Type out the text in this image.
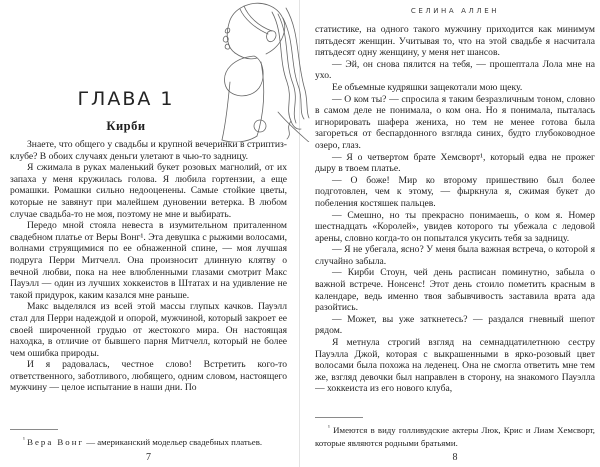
ГЛАВА 1
Кирби

Знаете, что общего у свадьбы и крупной вечеринки в стриптиз-клубе? В обоих случаях деньги улетают в чью-то задницу.

Я сжимала в руках маленький букет розовых магнолий, от их запаха у меня кружилась голова. Я любила гортензии, а еще ромашки. Ромашки сильно недооценены. Самые стойкие цветы, которые не завянут при малейшем дуновении ветерка. В любом случае свадьба-то не моя, поэтому не мне и выбирать.

Передо мной стояла невеста в изумительном приталенном свадебном платье от Веры Вонг¹. Эта девушка с рыжими волосами, волнами струящимися по ее обнаженной спине, — моя лучшая подруга Перри Митчелл. Она произносит длинную клятву о вечной любви, пока на нее влюбленными глазами смотрит Макс Пауэлл — один из лучших хоккеистов в Штатах и на удивление не такой придурок, каким казался мне раньше.

Макс выделялся из всей этой массы глупых качков. Пауэлл стал для Перри надеждой и опорой, мужчиной, который закроет ее своей широченной грудью от жестокого мира. Он настоящая находка, в отличие от бывшего парня Митчелл, который не более чем ошибка природы.

И я радовалась, честное слово! Встретить кого-то ответственного, заботливого, любящего, одним словом, настоящего мужчину — целое испытание в наши дни. По

$^{^1}$ Вера Вонг — американский модельер свадебных платьев.

7
СЕЛИНА АЛЛЕН

статистике, на одного такого мужчину приходится как минимум пятьдесят женщин. Учитывая то, что на этой свадьбе я насчитала пятьдесят одну женщину, у меня нет шансов.

— Эй, он снова пялится на тебя, — прошептала Лола мне на ухо.

Ее объемные кудряшки защекотали мою щеку.

— О ком ты? — спросила я таким безразличным тоном, словно в самом деле не понимала, о ком она. Но я понимала, пыталась игнорировать шафера жениха, но тем не менее готова была загореться от беспардонного взгляда синих, будто глубоководное озеро, глаз.

— Я о четвертом брате Хемсворт¹, который едва не прожег дыру в твоем платье.

— О боже! Мир ко второму пришествию был более подготовлен, чем к этому, — фыркнула я, сжимая букет до побеления костяшек пальцев.

— Смешно, но ты прекрасно понимаешь, о ком я. Номер шестнадцать «Королей», увидев которого ты убежала с ледовой арены, словно когда-то он попытался укусить тебя за задницу.

— Я не убегала, ясно? У меня была важная встреча, о которой я случайно забыла.

— Кирби Стоун, чей день расписан поминутно, забыла о важной встрече. Нонсенс! Этот день стоило пометить красным в календаре, ведь именно твоя забывчивость заставила врата ада разойтись.

— Может, вы уже заткнетесь? — раздался гневный шепот рядом.

Я метнула строгий взгляд на семнадцатилетнюю сестру Пауэлла Джой, которая с выкрашенными в ярко-розовый цвет волосами была похожа на леденец. Она не смогла ответить мне тем же, взгляд девочки был направлен в сторону, на знакомого Пауэлла — хоккеиста из его нового клуба,

$^{^1}$ Имеются в виду голливудские актеры Люк, Крис и Лиам Хемсворт, которые являются родными братьями.

8
